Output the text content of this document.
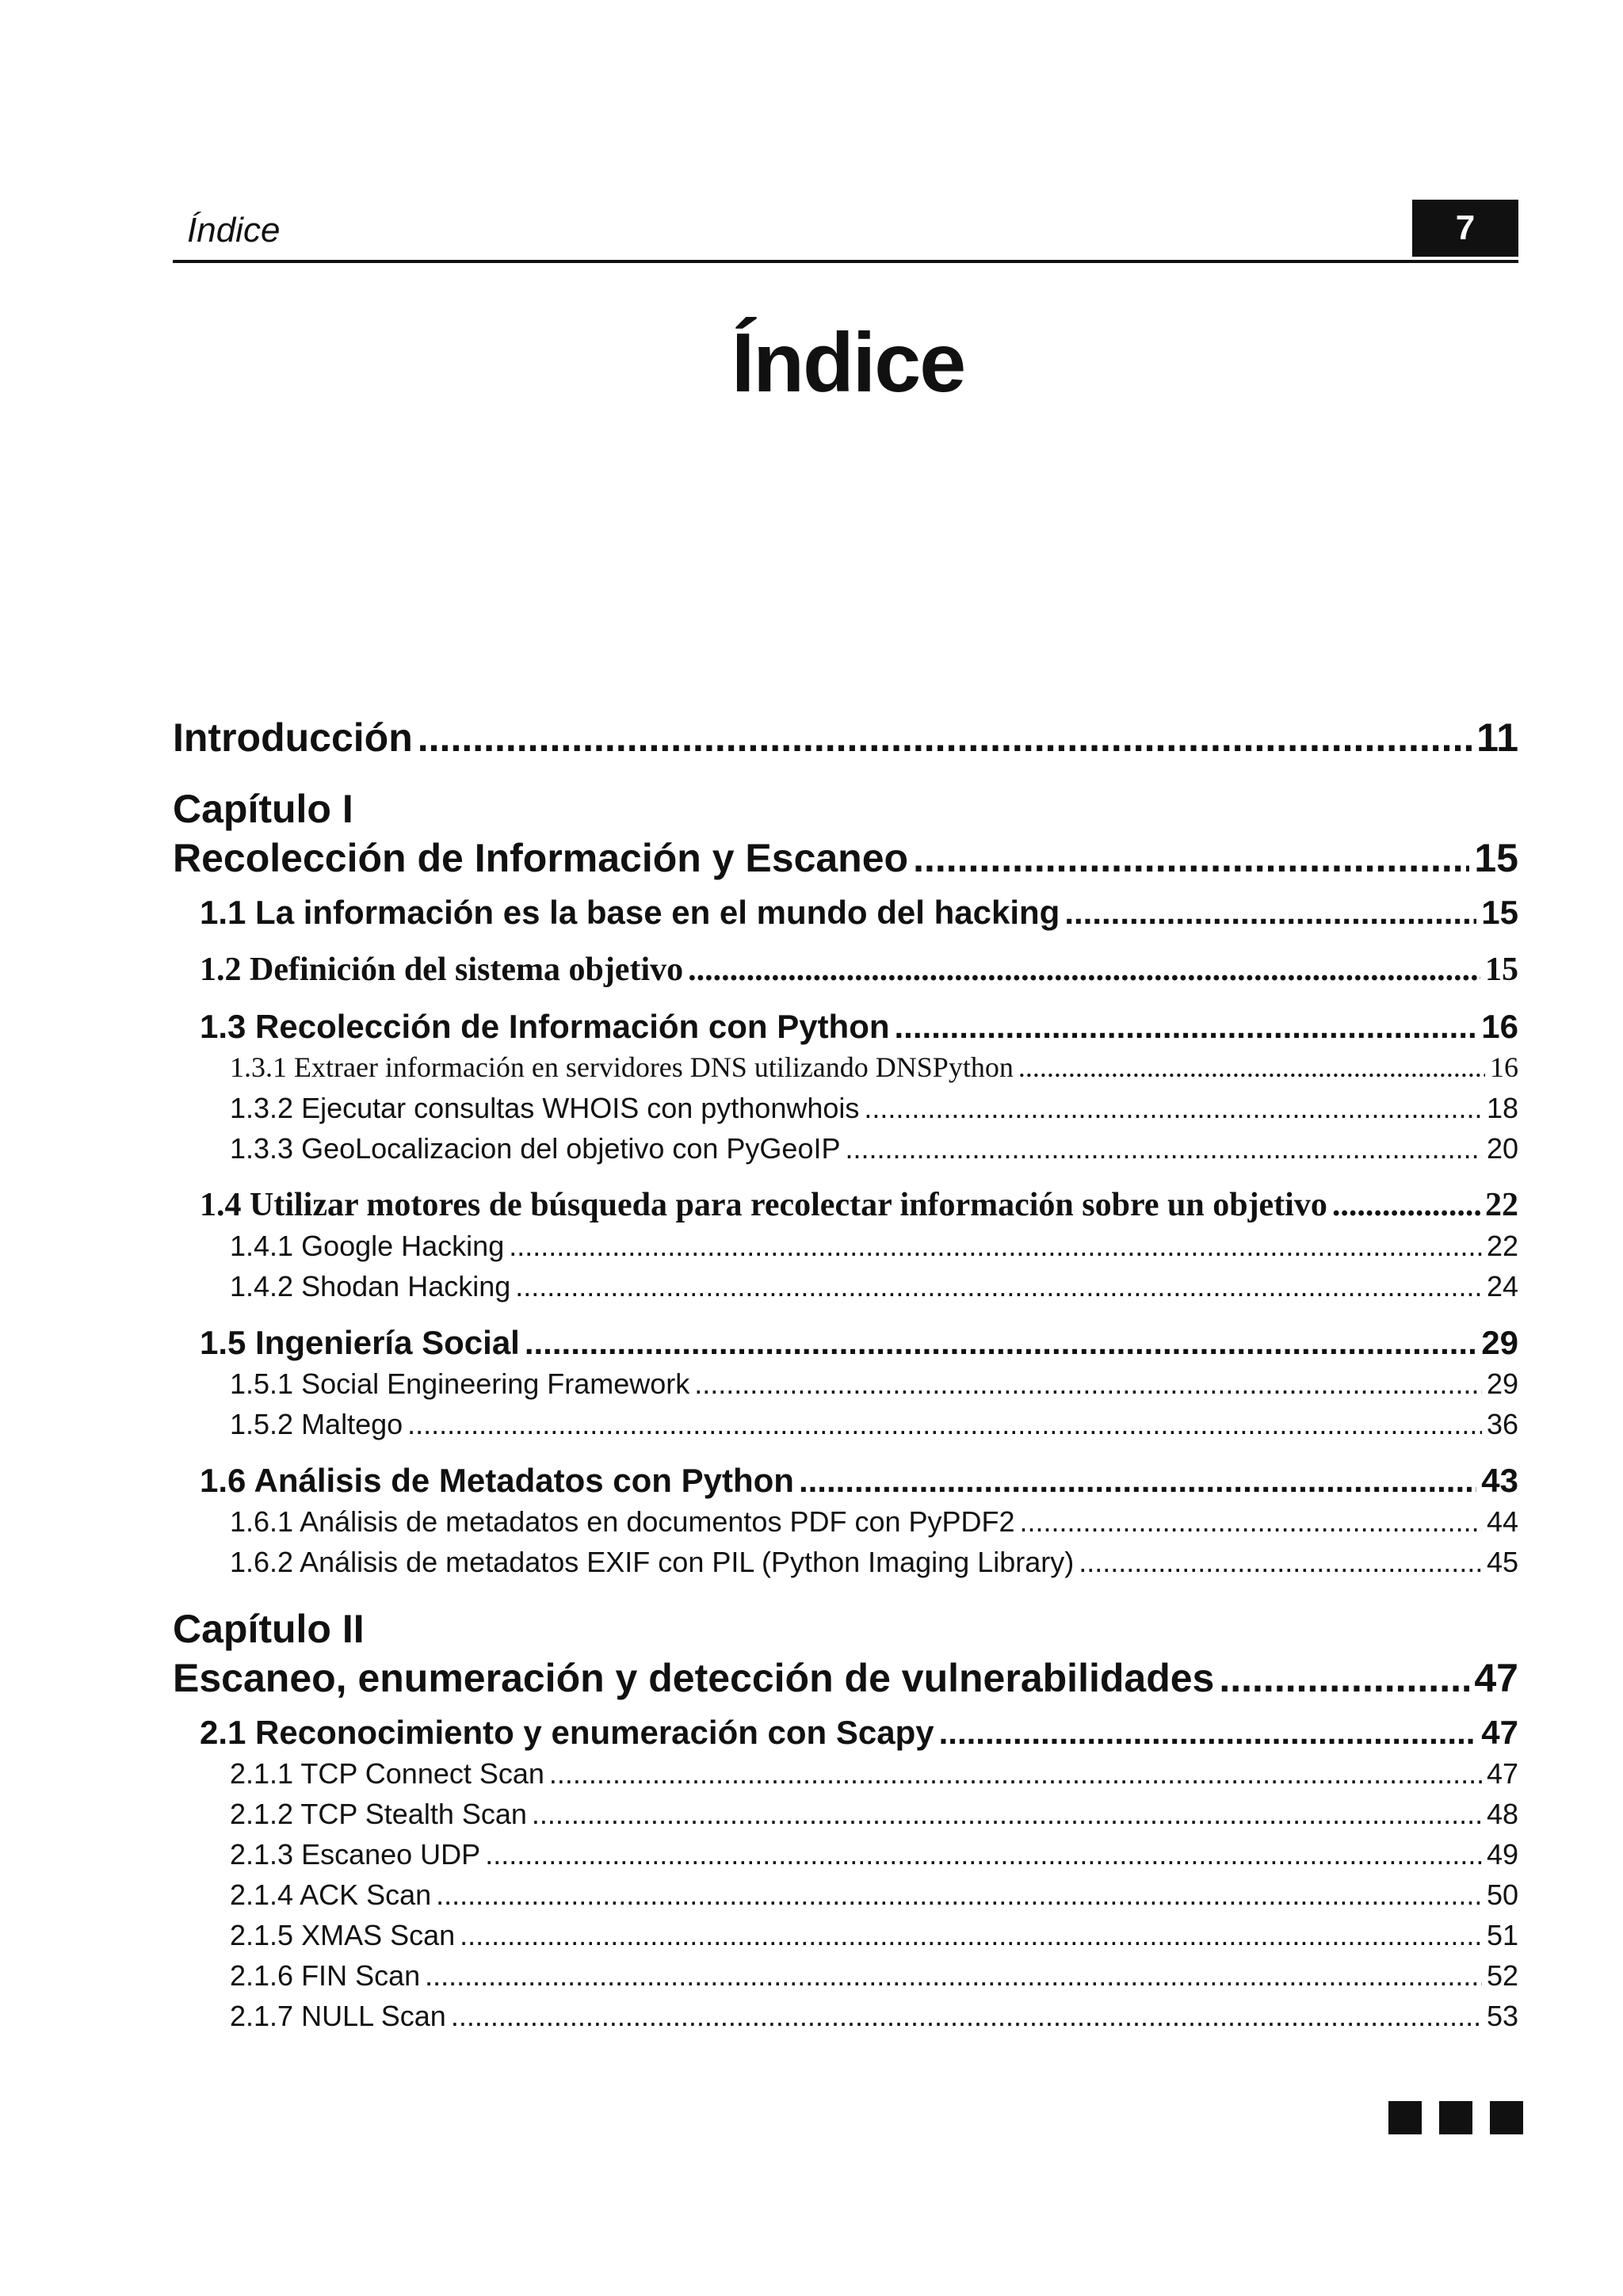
Índice	7
Índice
Introducción .....	11
Capítulo I
Recolección de Información y Escaneo .....	15
1.1 La información es la base en el mundo del hacking .....	15
1.2 Definición del sistema objetivo .....	15
1.3 Recolección de Información con Python .....	16
1.3.1 Extraer información en servidores DNS utilizando DNSPython .....	16
1.3.2 Ejecutar consultas WHOIS con pythonwhois .....	18
1.3.3 GeoLocalizacion del objetivo con PyGeoIP .....	20
1.4 Utilizar motores de búsqueda para recolectar información sobre un objetivo .....	22
1.4.1 Google Hacking .....	22
1.4.2 Shodan Hacking .....	24
1.5 Ingeniería Social .....	29
1.5.1 Social Engineering Framework .....	29
1.5.2 Maltego .....	36
1.6 Análisis de Metadatos con Python .....	43
1.6.1 Análisis de metadatos en documentos PDF con PyPDF2 .....	44
1.6.2 Análisis de metadatos EXIF con PIL (Python Imaging Library) .....	45
Capítulo II
Escaneo, enumeración y detección de vulnerabilidades .....	47
2.1 Reconocimiento y enumeración con Scapy .....	47
2.1.1 TCP Connect Scan .....	47
2.1.2 TCP Stealth Scan .....	48
2.1.3 Escaneo UDP .....	49
2.1.4 ACK Scan .....	50
2.1.5 XMAS Scan .....	51
2.1.6 FIN Scan .....	52
2.1.7 NULL Scan .....	53
